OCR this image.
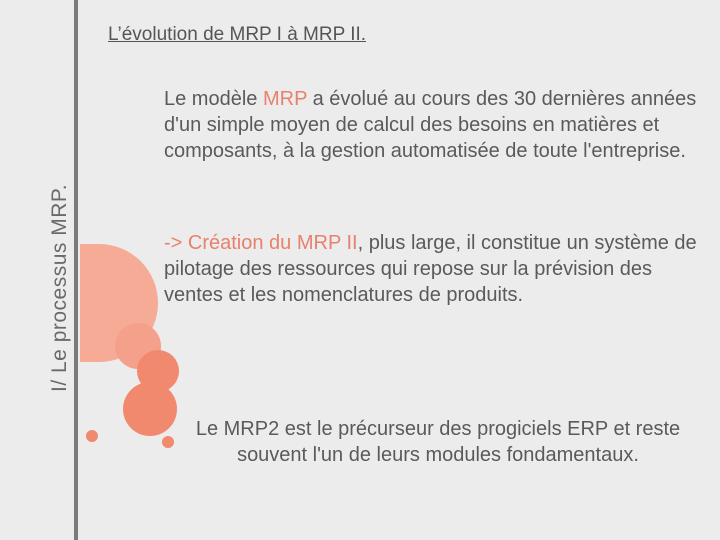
I/ Le processus MRP.
L’évolution de MRP I à MRP II.
Le modèle MRP a évolué au cours des 30 dernières années d'un simple moyen de calcul des besoins en matières et composants, à la gestion automatisée de toute l'entreprise.
-> Création du MRP II, plus large, il constitue un système de pilotage des ressources qui repose sur la prévision des ventes et les nomenclatures de produits.
Le MRP2 est le précurseur des progiciels ERP et reste souvent l'un de leurs modules fondamentaux.
